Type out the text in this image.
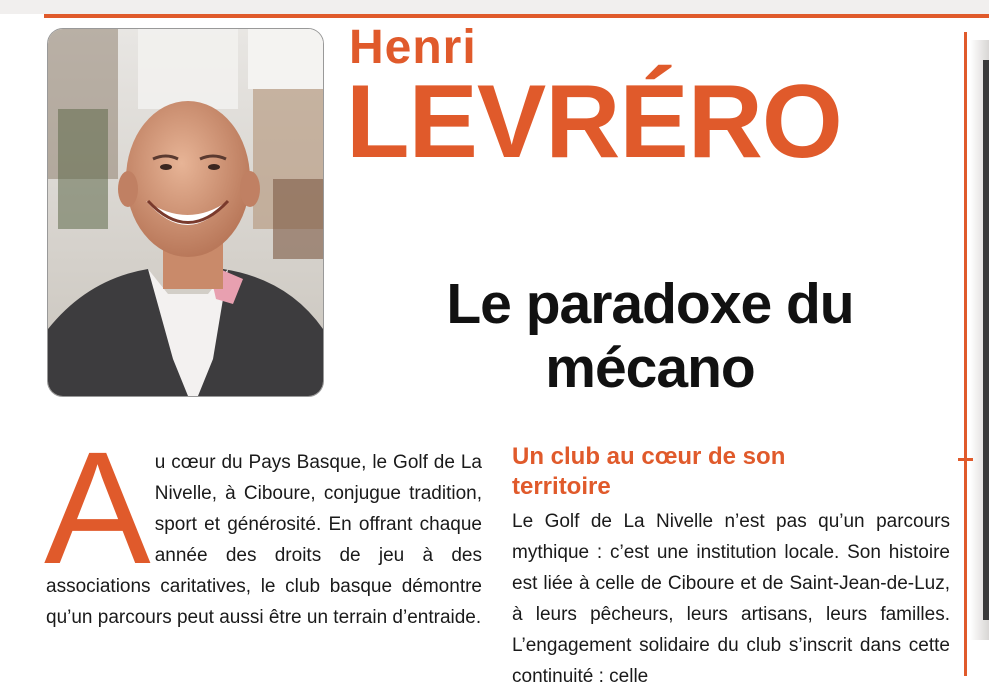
Henri
LEVRÉRO
Le paradoxe du mécano

Au cœur du Pays Basque, le Golf de La Nivelle, à Ciboure, conjugue tradition, sport et générosité. En offrant chaque année des droits de jeu à des associations caritatives, le club basque démontre qu’un parcours peut aussi être un terrain d’entraide.

Un club au cœur de son territoire

Le Golf de La Nivelle n’est pas qu’un parcours mythique : c’est une institution locale. Son histoire est liée à celle de Ciboure et de Saint-Jean-de-Luz, à leurs pêcheurs, leurs artisans, leurs familles. L’engagement solidaire du club s’inscrit dans cette continuité : celle
